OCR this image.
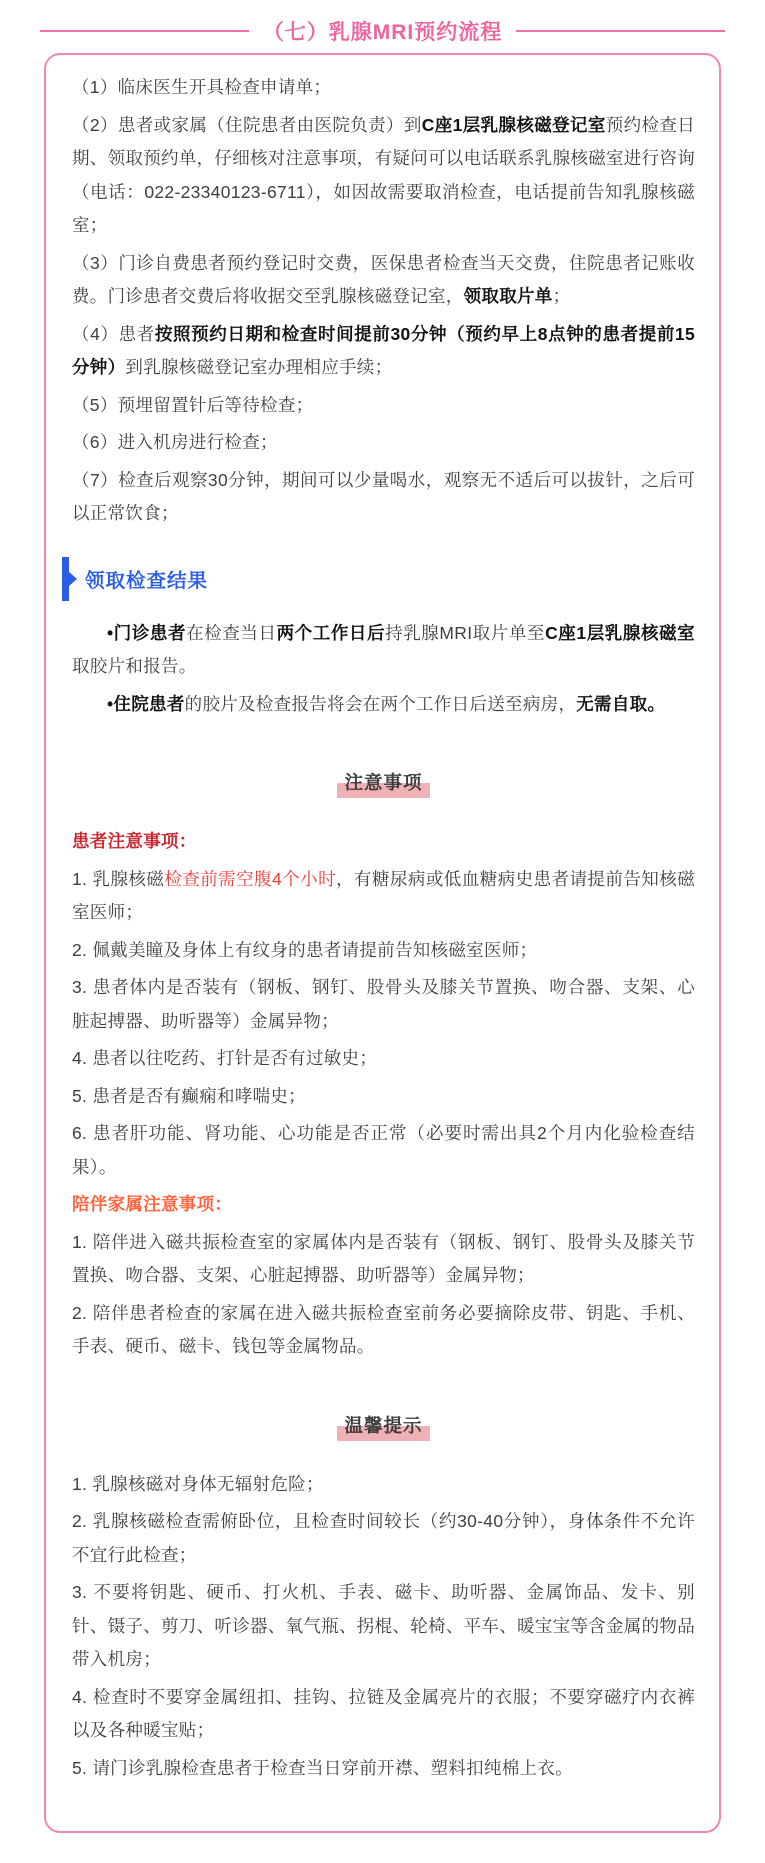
（七）乳腺MRI预约流程

（1）临床医生开具检查申请单；

（2）患者或家属（住院患者由医院负责）到C座1层乳腺核磁登记室预约检查日期、领取预约单，仔细核对注意事项，有疑问可以电话联系乳腺核磁室进行咨询（电话：022-23340123-6711），如因故需要取消检查，电话提前告知乳腺核磁室；

（3）门诊自费患者预约登记时交费，医保患者检查当天交费，住院患者记账收费。门诊患者交费后将收据交至乳腺核磁登记室，领取取片单；

（4）患者按照预约日期和检查时间提前30分钟（预约早上8点钟的患者提前15分钟）到乳腺核磁登记室办理相应手续；

（5）预埋留置针后等待检查；

（6）进入机房进行检查；

（7）检查后观察30分钟，期间可以少量喝水，观察无不适后可以拔针，之后可以正常饮食；

领取检查结果

•门诊患者在检查当日两个工作日后持乳腺MRI取片单至C座1层乳腺核磁室取胶片和报告。

•住院患者的胶片及检查报告将会在两个工作日后送至病房，无需自取。

注意事项

患者注意事项：

1. 乳腺核磁检查前需空腹4个小时，有糖尿病或低血糖病史患者请提前告知核磁室医师；

2. 佩戴美瞳及身体上有纹身的患者请提前告知核磁室医师；

3. 患者体内是否装有（钢板、钢钉、股骨头及膝关节置换、吻合器、支架、心脏起搏器、助听器等）金属异物；

4. 患者以往吃药、打针是否有过敏史；

5. 患者是否有癫痫和哮喘史；

6. 患者肝功能、肾功能、心功能是否正常（必要时需出具2个月内化验检查结果）。

陪伴家属注意事项：

1. 陪伴进入磁共振检查室的家属体内是否装有（钢板、钢钉、股骨头及膝关节置换、吻合器、支架、心脏起搏器、助听器等）金属异物；

2. 陪伴患者检查的家属在进入磁共振检查室前务必要摘除皮带、钥匙、手机、手表、硬币、磁卡、钱包等金属物品。

温馨提示

1. 乳腺核磁对身体无辐射危险；

2. 乳腺核磁检查需俯卧位，且检查时间较长（约30-40分钟），身体条件不允许不宜行此检查；

3. 不要将钥匙、硬币、打火机、手表、磁卡、助听器、金属饰品、发卡、别针、镊子、剪刀、听诊器、氧气瓶、拐棍、轮椅、平车、暖宝宝等含金属的物品带入机房；

4. 检查时不要穿金属纽扣、挂钩、拉链及金属亮片的衣服；不要穿磁疗内衣裤以及各种暖宝贴；

5. 请门诊乳腺检查患者于检查当日穿前开襟、塑料扣纯棉上衣。
